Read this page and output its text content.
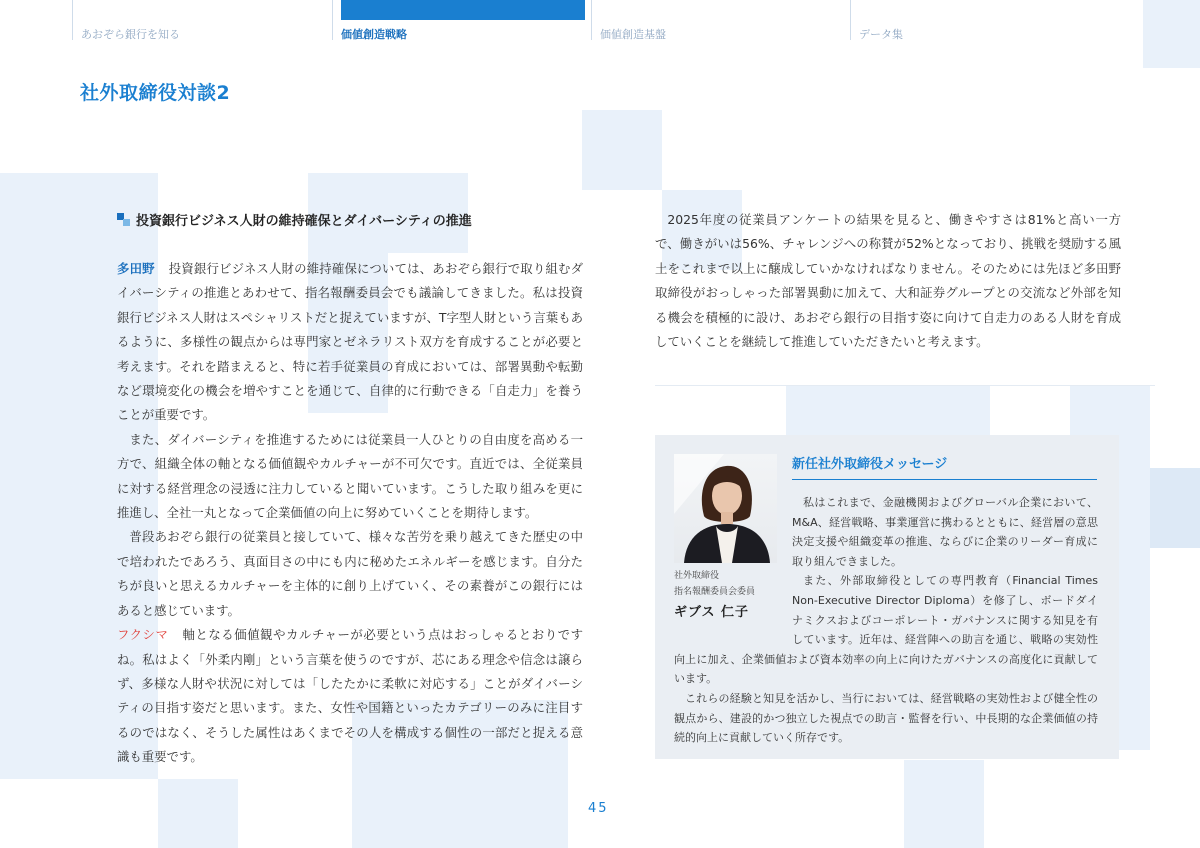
あおぞら銀行を知る	価値創造戦略	価値創造基盤	データ集
社外取締役対談2
投資銀行ビジネス人財の維持確保とダイバーシティの推進

多田野 投資銀行ビジネス人財の維持確保については、あおぞら銀行で取り組むダイバーシティの推進とあわせて、指名報酬委員会でも議論してきました。私は投資銀行ビジネス人財はスペシャリストだと捉えていますが、T字型人財という言葉もあるように、多様性の観点からは専門家とゼネラリスト双方を育成することが必要と考えます。それを踏まえると、特に若手従業員の育成においては、部署異動や転勤など環境変化の機会を増やすことを通じて、自律的に行動できる「自走力」を養うことが重要です。

また、ダイバーシティを推進するためには従業員一人ひとりの自由度を高める一方で、組織全体の軸となる価値観やカルチャーが不可欠です。直近では、全従業員に対する経営理念の浸透に注力していると聞いています。こうした取り組みを更に推進し、全社一丸となって企業価値の向上に努めていくことを期待します。

普段あおぞら銀行の従業員と接していて、様々な苦労を乗り越えてきた歴史の中で培われたであろう、真面目さの中にも内に秘めたエネルギーを感じます。自分たちが良いと思えるカルチャーを主体的に創り上げていく、その素養がこの銀行にはあると感じています。

フクシマ 軸となる価値観やカルチャーが必要という点はおっしゃるとおりですね。私はよく「外柔内剛」という言葉を使うのですが、芯にある理念や信念は譲らず、多様な人財や状況に対しては「したたかに柔軟に対応する」ことがダイバーシティの目指す姿だと思います。また、女性や国籍といったカテゴリーのみに注目するのではなく、そうした属性はあくまでその人を構成する個性の一部だと捉える意識も重要です。

2025年度の従業員アンケートの結果を見ると、働きやすさは81%と高い一方で、働きがいは56%、チャレンジへの称賛が52%となっており、挑戦を奨励する風土をこれまで以上に醸成していかなければなりません。そのためには先ほど多田野取締役がおっしゃった部署異動に加えて、大和証券グループとの交流など外部を知る機会を積極的に設け、あおぞら銀行の目指す姿に向けて自走力のある人財を育成していくことを継続して推進していただきたいと考えます。

社外取締役
指名報酬委員会委員
ギブス 仁子
新任社外取締役メッセージ

私はこれまで、金融機関およびグローバル企業において、M&A、経営戦略、事業運営に携わるとともに、経営層の意思決定支援や組織変革の推進、ならびに企業のリーダー育成に取り組んできました。

また、外部取締役としての専門教育（Financial Times Non-Executive Director Diploma）を修了し、ボードダイナミクスおよびコーポレート・ガバナンスに関する知見を有しています。近年は、経営陣への助言を通じ、戦略の実効性向上に加え、企業価値および資本効率の向上に向けたガバナンスの高度化に貢献しています。

これらの経験と知見を活かし、当行においては、経営戦略の実効性および健全性の観点から、建設的かつ独立した視点での助言・監督を行い、中長期的な企業価値の持続的向上に貢献していく所存です。

45
